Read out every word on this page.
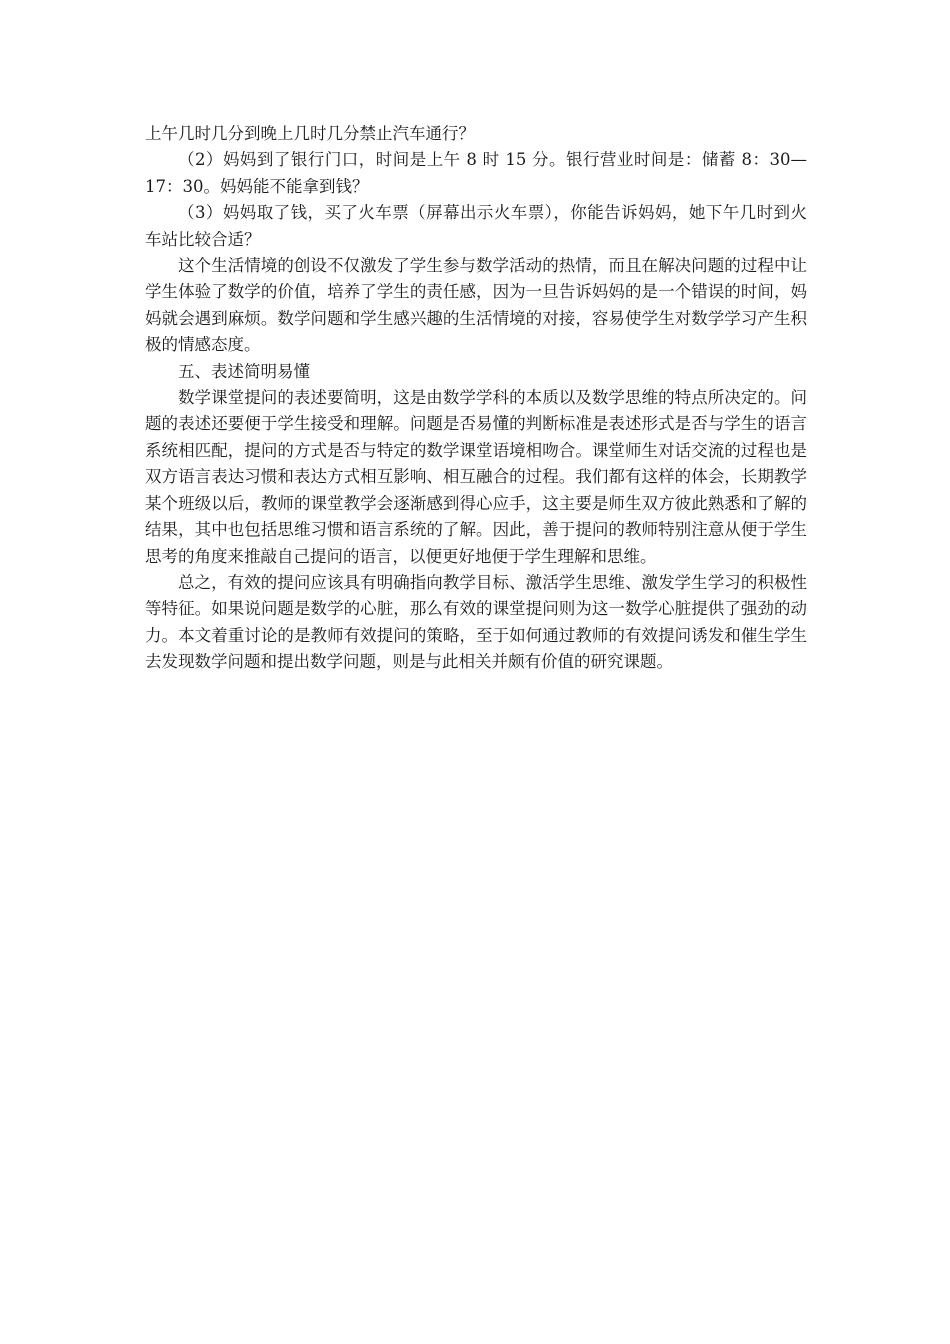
上午几时几分到晚上几时几分禁止汽车通行？

（2）妈妈到了银行门口，时间是上午 8 时 15 分。银行营业时间是：储蓄 8：30—17：30。妈妈能不能拿到钱？

（3）妈妈取了钱，买了火车票（屏幕出示火车票），你能告诉妈妈，她下午几时到火车站比较合适？

这个生活情境的创设不仅激发了学生参与数学活动的热情，而且在解决问题的过程中让学生体验了数学的价值，培养了学生的责任感，因为一旦告诉妈妈的是一个错误的时间，妈妈就会遇到麻烦。数学问题和学生感兴趣的生活情境的对接，容易使学生对数学学习产生积极的情感态度。

五、表述简明易懂

数学课堂提问的表述要简明，这是由数学学科的本质以及数学思维的特点所决定的。问题的表述还要便于学生接受和理解。问题是否易懂的判断标准是表述形式是否与学生的语言系统相匹配，提问的方式是否与特定的数学课堂语境相吻合。课堂师生对话交流的过程也是双方语言表达习惯和表达方式相互影响、相互融合的过程。我们都有这样的体会，长期教学某个班级以后，教师的课堂教学会逐渐感到得心应手，这主要是师生双方彼此熟悉和了解的结果，其中也包括思维习惯和语言系统的了解。因此，善于提问的教师特别注意从便于学生思考的角度来推敲自己提问的语言，以便更好地便于学生理解和思维。

总之，有效的提问应该具有明确指向教学目标、激活学生思维、激发学生学习的积极性等特征。如果说问题是数学的心脏，那么有效的课堂提问则为这一数学心脏提供了强劲的动力。本文着重讨论的是教师有效提问的策略，至于如何通过教师的有效提问诱发和催生学生去发现数学问题和提出数学问题，则是与此相关并颇有价值的研究课题。
